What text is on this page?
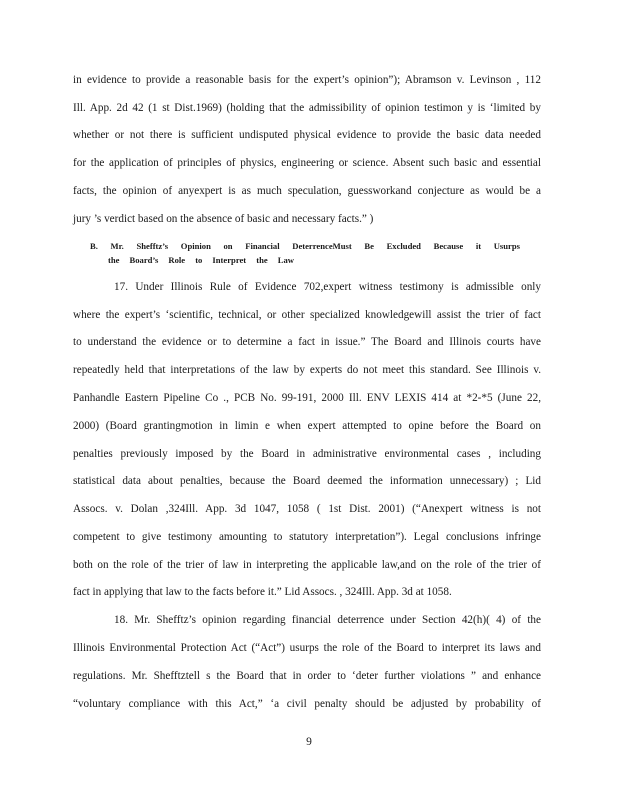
in evidence to provide a reasonable basis for the expert’s opinion”); Abramson v. Levinson , 112
Ill. App. 2d 42 (1 st Dist.1969) (holding that the admissibility of opinion testimon y is ‘limited by
whether or not there is sufficient undisputed physical evidence to provide the basic data needed
for the application of principles of physics, engineering or science. Absent such basic and essential
facts, the opinion of anyexpert is as much speculation, guessworkand conjecture as would be a
jury ’s verdict based on the absence of basic and necessary facts.” )
B. Mr. Shefftz’s Opinion on Financial DeterrenceMust Be Excluded Because it Usurps
the Board’s Role to Interpret the Law
17. Under Illinois Rule of Evidence 702,expert witness testimony is admissible only
where the expert’s ‘scientific, technical, or other specialized knowledgewill assist the trier of fact
to understand the evidence or to determine a fact in issue.” The Board and Illinois courts have
repeatedly held that interpretations of the law by experts do not meet this standard. See Illinois v.
Panhandle Eastern Pipeline Co ., PCB No. 99-191, 2000 Ill. ENV LEXIS 414 at *2-*5 (June 22,
2000) (Board grantingmotion in limin e when expert attempted to opine before the Board on
penalties previously imposed by the Board in administrative environmental cases , including
statistical data about penalties, because the Board deemed the information unnecessary) ; Lid
Assocs. v. Dolan ,324Ill. App. 3d 1047, 1058 ( 1st Dist. 2001) (“Anexpert witness is not
competent to give testimony amounting to statutory interpretation”). Legal conclusions infringe
both on the role of the trier of law in interpreting the applicable law,and on the role of the trier of
fact in applying that law to the facts before it.” Lid Assocs. , 324Ill. App. 3d at 1058.
18. Mr. Shefftz’s opinion regarding financial deterrence under Section 42(h)( 4) of the
Illinois Environmental Protection Act (“Act”) usurps the role of the Board to interpret its laws and
regulations. Mr. Shefftztell s the Board that in order to ‘deter further violations ” and enhance
“voluntary compliance with this Act,” ‘a civil penalty should be adjusted by probability of
9
